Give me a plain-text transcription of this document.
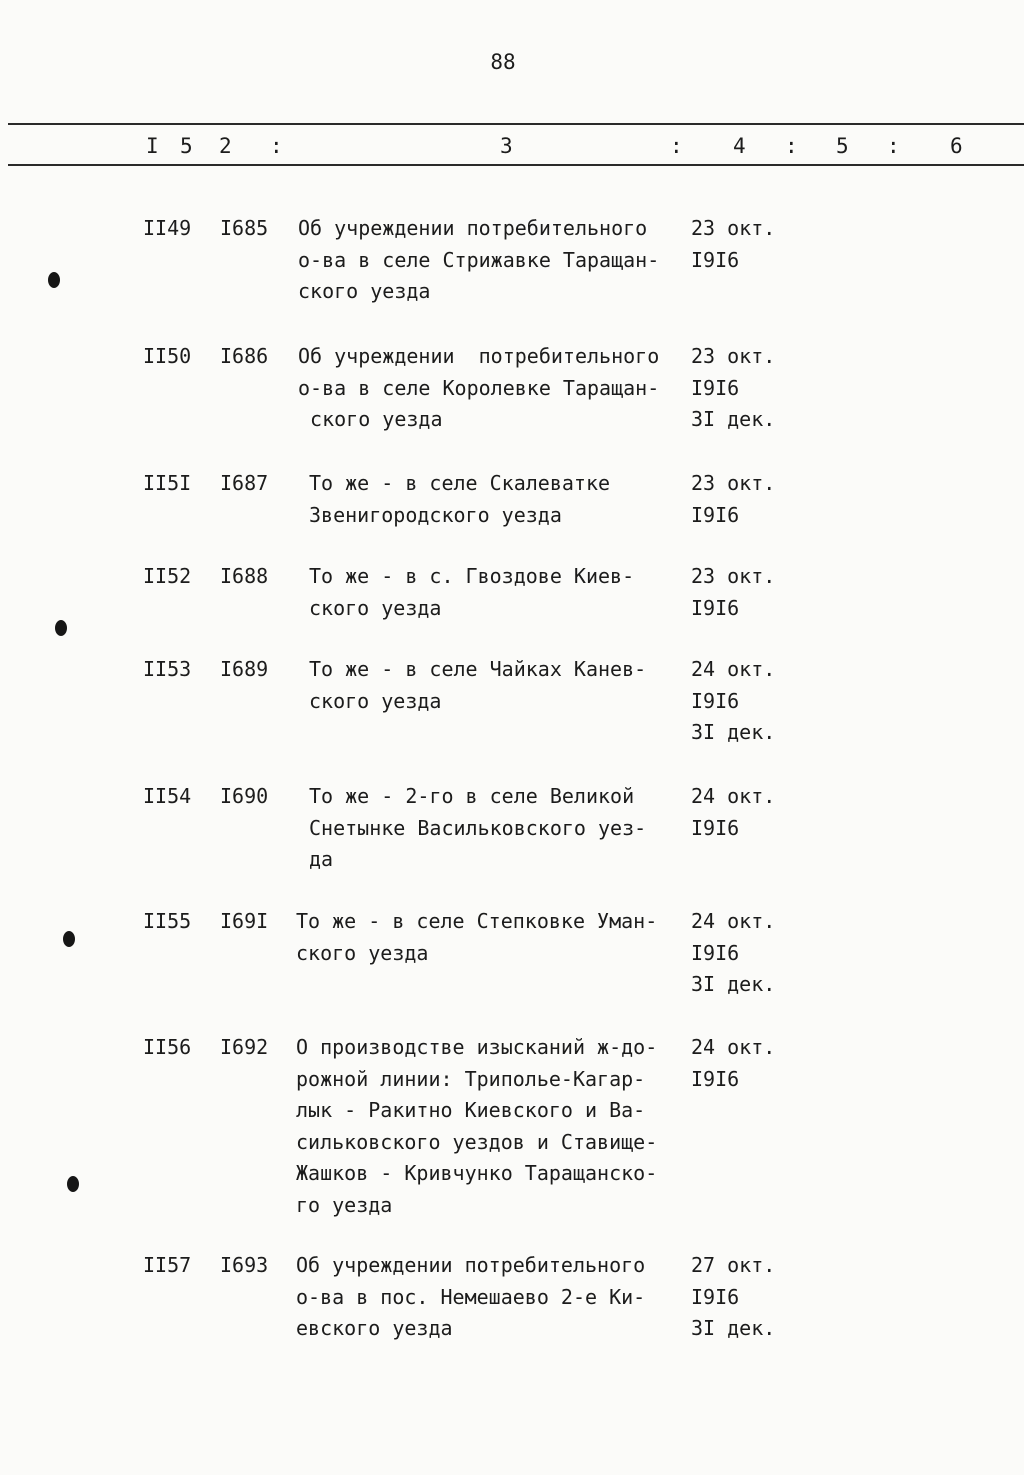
88
I 5 2 :	3	: 4 : 5 : 6
II49 I685 Об учреждении потребительного
о-ва в селе Стрижавке Таращан-
ского уезда
23 окт.
I9I6
II50 I686 Об учреждении  потребительного
о-ва в селе Королевке Таращан-
ского уезда
23 окт.
I9I6
3I дек.
II5I I687 То же - в селе Скалеватке
Звенигородского уезда
23 окт.
I9I6
II52 I688 То же - в с. Гвоздове Киев-
ского уезда
23 окт.
I9I6
II53 I689 То же - в селе Чайках Канев-
ского уезда
24 окт.
I9I6
3I дек.
II54 I690 То же - 2-го в селе Великой
Снетынке Васильковского уез-
да
24 окт.
I9I6
II55 I69I То же - в селе Степковке Уман-
ского уезда
24 окт.
I9I6
3I дек.
II56 I692 О производстве изысканий ж-до-
рожной линии: Триполье-Кагар-
лык - Ракитно Киевского и Ва-
сильковского уездов и Ставище-
Жашков - Кривчунко Таращанско-
го уезда
24 окт.
I9I6
II57 I693 Об учреждении потребительного
о-ва в пос. Немешаево 2-е Ки-
евского уезда
27 окт.
I9I6
3I дек.
